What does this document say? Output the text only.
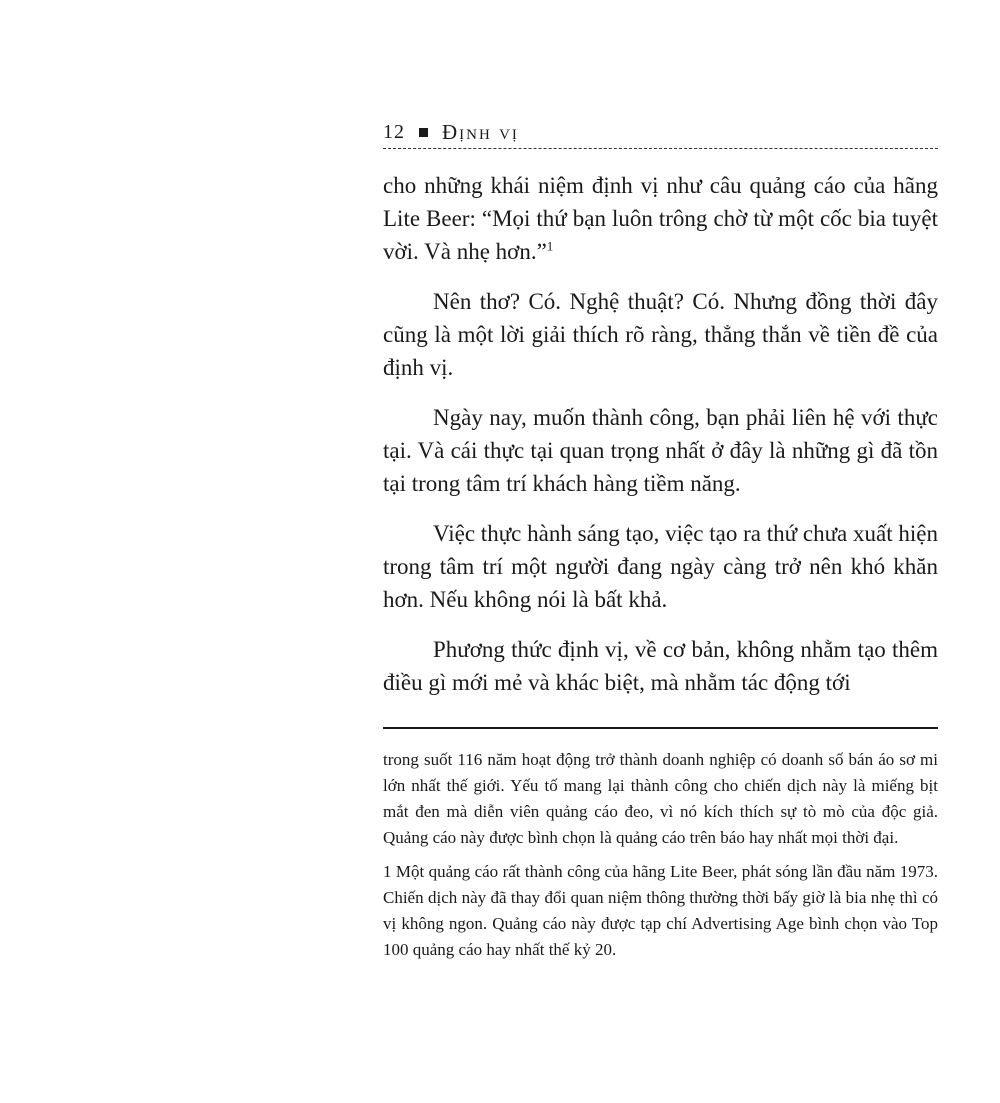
12 Định vị

cho những khái niệm định vị như câu quảng cáo của hãng Lite Beer: “Mọi thứ bạn luôn trông chờ từ một cốc bia tuyệt vời. Và nhẹ hơn.”$^1$

Nên thơ? Có. Nghệ thuật? Có. Nhưng đồng thời đây cũng là một lời giải thích rõ ràng, thẳng thắn về tiền đề của định vị.

Ngày nay, muốn thành công, bạn phải liên hệ với thực tại. Và cái thực tại quan trọng nhất ở đây là những gì đã tồn tại trong tâm trí khách hàng tiềm năng.

Việc thực hành sáng tạo, việc tạo ra thứ chưa xuất hiện trong tâm trí một người đang ngày càng trở nên khó khăn hơn. Nếu không nói là bất khả.

Phương thức định vị, về cơ bản, không nhằm tạo thêm điều gì mới mẻ và khác biệt, mà nhằm tác động tới

trong suốt 116 năm hoạt động trở thành doanh nghiệp có doanh số bán áo sơ mi lớn nhất thế giới. Yếu tố mang lại thành công cho chiến dịch này là miếng bịt mắt đen mà diễn viên quảng cáo đeo, vì nó kích thích sự tò mò của độc giả. Quảng cáo này được bình chọn là quảng cáo trên báo hay nhất mọi thời đại.

1 Một quảng cáo rất thành công của hãng Lite Beer, phát sóng lần đầu năm 1973. Chiến dịch này đã thay đổi quan niệm thông thường thời bấy giờ là bia nhẹ thì có vị không ngon. Quảng cáo này được tạp chí Advertising Age bình chọn vào Top 100 quảng cáo hay nhất thế kỷ 20.
